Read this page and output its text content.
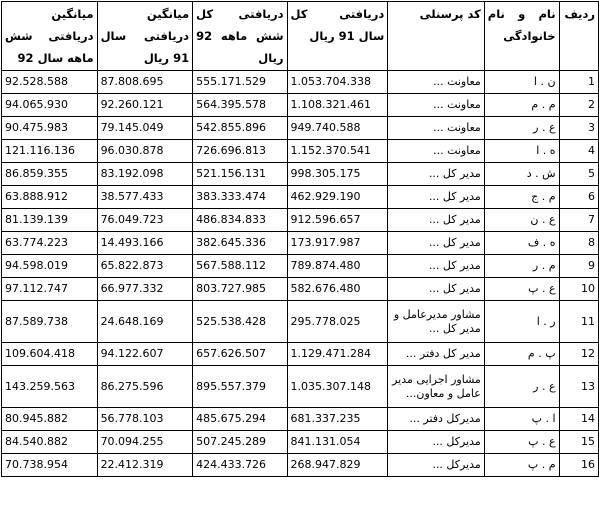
ردیف	نام و نام خانوادگی	کد پرسنلی	دریافتی کل سال 91 ریال	دریافتی کل شش ماهه 92 ریال	میانگین دریافتی سال 91 ریال	میانگین دریافتی شش ماهه سال 92
1	ن . ا	معاونت ...	1.053.704.338	555.171.529	87.808.695	92.528.588
2	م . م	معاونت ...	1.108.321.461	564.395.578	92.260.121	94.065.930
3	ع . ر	معاونت ...	949.740.588	542.855.896	79.145.049	90.475.983
4	ه . ا	معاونت ...	1.152.370.541	726.696.813	96.030.878	121.116.136
5	ش . د	مدیر کل ...	998.305.175	521.156.131	83.192.098	86.859.355
6	م . ج	مدیر کل ...	462.929.190	383.333.474	38.577.433	63.888.912
7	ع . ن	مدیر کل ...	912.596.657	486.834.833	76.049.723	81.139.139
8	ه . ف	مدیر کل ...	173.917.987	382.645.336	14.493.166	63.774.223
9	م . ر	مدیر کل ...	789.874.480	567.588.112	65.822.873	94.598.019
10	ع . پ	مدیر کل ...	582.676.480	803.727.985	66.977.332	97.112.747
11	ر . ا	مشاور مدیرعامل و مدیر کل ...	295.778.025	525.538.428	24.648.169	87.589.738
12	پ . م	مدیر کل دفتر ...	1.129.471.284	657.626.507	94.122.607	109.604.418
13	ع . ر	مشاور اجرایی مدیر عامل و معاون...	1.035.307.148	895.557.379	86.275.596	143.259.563
14	ا . پ	مدیرکل دفتر ...	681.337.235	485.675.294	56.778.103	80.945.882
15	ع . پ	مدیرکل ...	841.131.054	507.245.289	70.094.255	84.540.882
16	م . پ	مدیرکل ...	268.947.829	424.433.726	22.412.319	70.738.954
